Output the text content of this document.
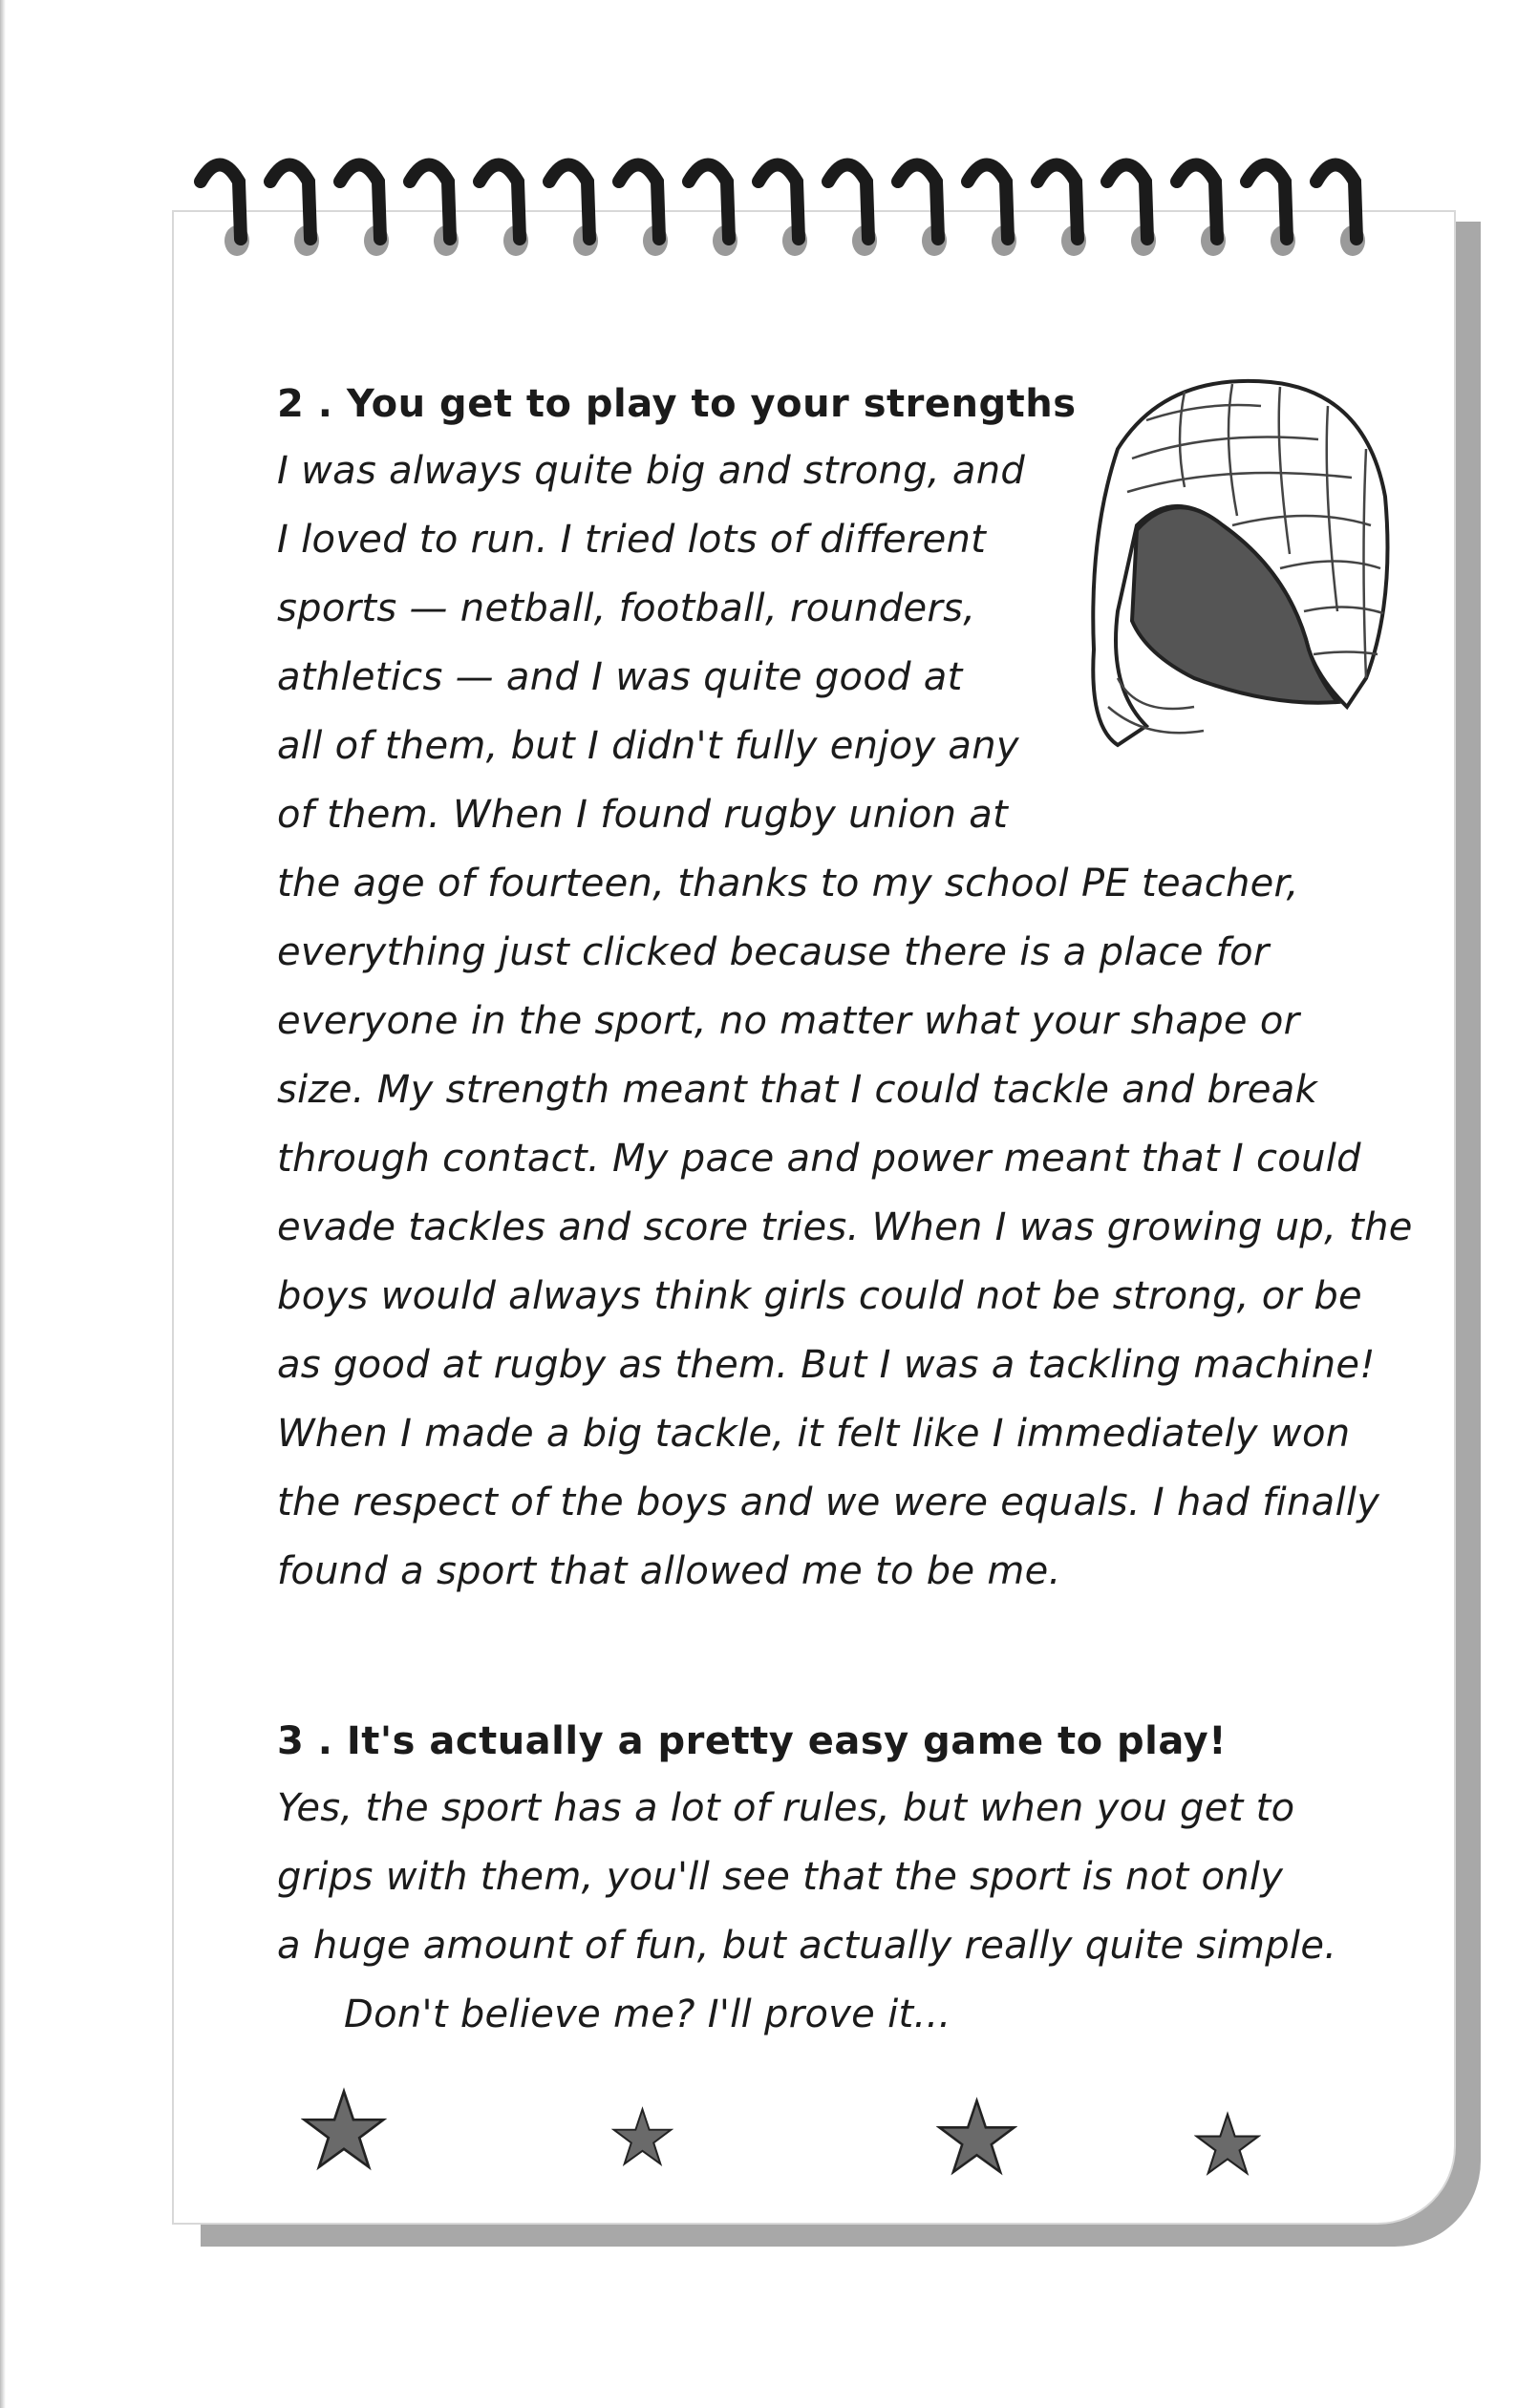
2 . You get to play to your strengths
I was always quite big and strong, and
I loved to run. I tried lots of different
sports — netball, football, rounders,
athletics — and I was quite good at
all of them, but I didn't fully enjoy any
of them. When I found rugby union at
the age of fourteen, thanks to my school PE teacher,
everything just clicked because there is a place for
everyone in the sport, no matter what your shape or
size. My strength meant that I could tackle and break
through contact. My pace and power meant that I could
evade tackles and score tries. When I was growing up, the
boys would always think girls could not be strong, or be
as good at rugby as them. But I was a tackling machine!
When I made a big tackle, it felt like I immediately won
the respect of the boys and we were equals. I had finally
found a sport that allowed me to be me.
3 . It's actually a pretty easy game to play!
Yes, the sport has a lot of rules, but when you get to
grips with them, you'll see that the sport is not only
a huge amount of fun, but actually really quite simple.
Don't believe me? I'll prove it...
